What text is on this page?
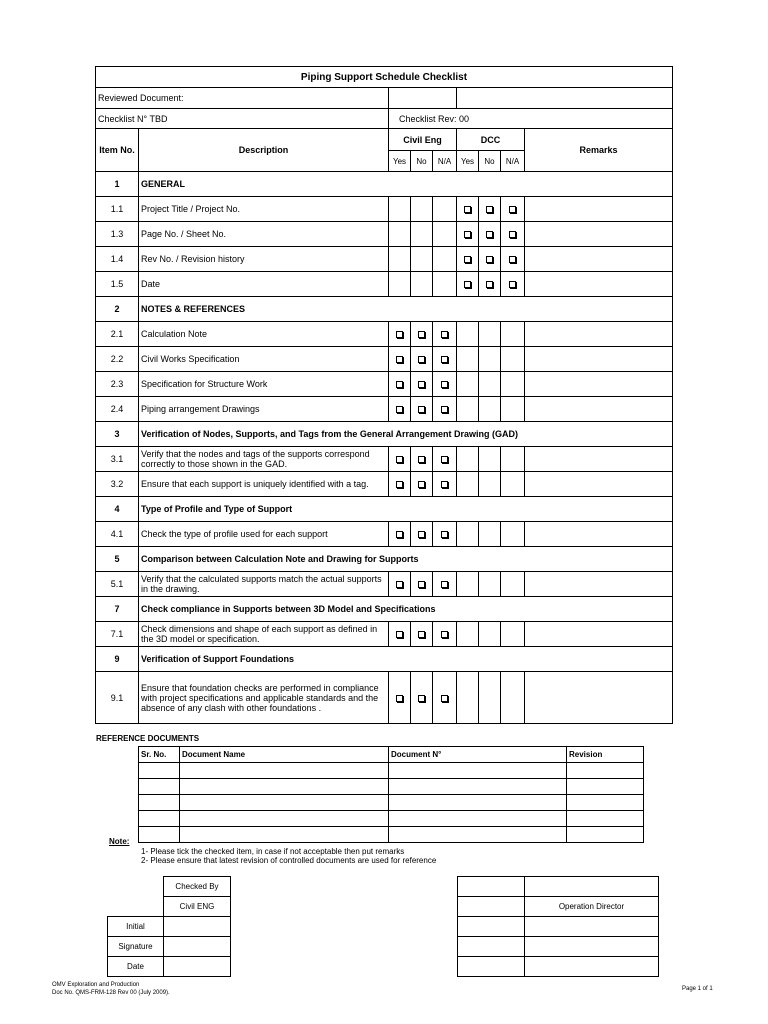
Piping Support Schedule Checklist								
Reviewed Document:								
Checklist N° TBD		Checklist Rev: 00						
Item No.	Description	Civil Eng			DCC			Remarks
		Yes	No	N/A	Yes	No	N/A	
1	GENERAL							
1.1	Project Title / Project No.							
1.3	Page No. / Sheet No.							
1.4	Rev No. / Revision history							
1.5	Date							
2	NOTES & REFERENCES							
2.1	Calculation Note							
2.2	Civil Works Specification							
2.3	Specification for Structure Work							
2.4	Piping arrangement Drawings							
3	Verification of Nodes, Supports, and Tags from the General Arrangement Drawing (GAD)							
3.1	Verify that the nodes and tags of the supports correspond correctly to those shown in the GAD.							
3.2	Ensure that each support is uniquely identified with a tag.							
4	Type of Profile and Type of Support							
4.1	Check the type of profile used for each support							
5	Comparison between Calculation Note and Drawing for Supports							
5.1	Verify that the calculated supports match the actual supports in the drawing.							
7	Check compliance in Supports between 3D Model and Specifications							
7.1	Check dimensions and shape of each support as defined in the 3D model or specification.							
9	Verification of Support Foundations							
9.1	Ensure that foundation checks are performed in compliance with project specifications and applicable standards and the absence of any clash with other foundations .							
REFERENCE DOCUMENTS
Sr. No.	Document Name	Document N°	Revision

Note:
1- Please tick the checked item, in case if not acceptable then put remarks
2- Please ensure that latest revision of controlled documents are used for reference
	Checked By
	Civil ENG
Initial	
Signature	
Date	

	Operation Director

OMV Exploration and Production
Doc No. QMS-FRM-128 Rev 00 (July 2009).
Page 1 of 1
